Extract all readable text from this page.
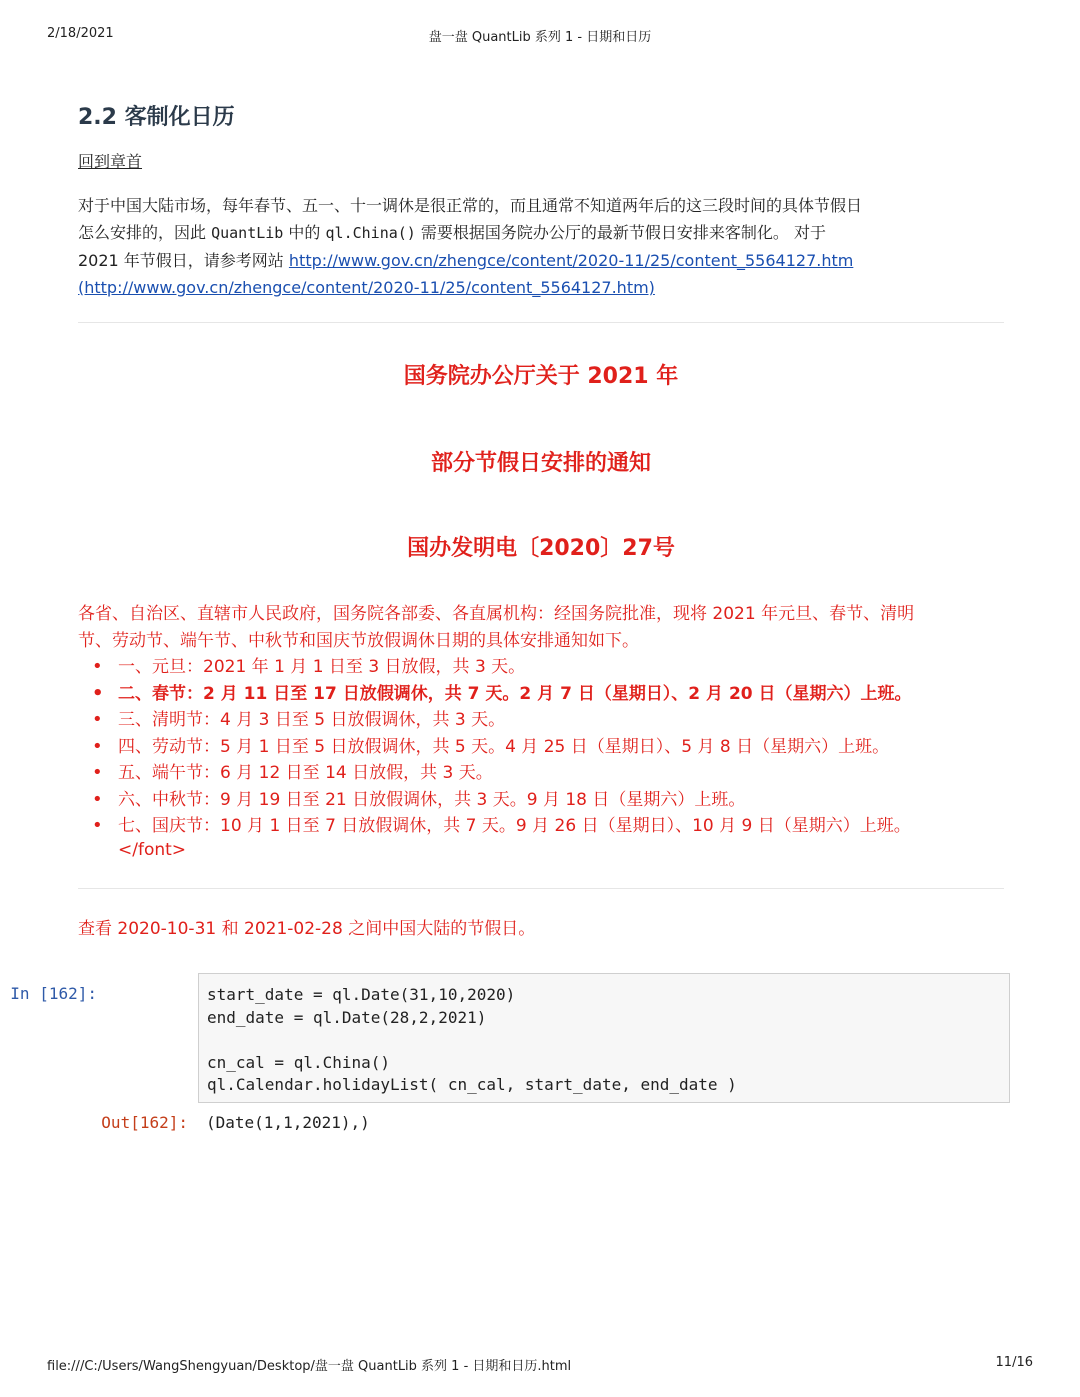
2/18/2021	盘一盘 QuantLib 系列 1 - 日期和日历
2.2 客制化日历
回到章首
对于中国大陆市场，每年春节、五一、十一调休是很正常的，而且通常不知道两年后的这三段时间的具体节假日
怎么安排的，因此 QuantLib 中的 ql.China() 需要根据国务院办公厅的最新节假日安排来客制化。 对于
2021 年节假日，请参考网站 http://www.gov.cn/zhengce/content/2020-11/25/content_5564127.htm
(http://www.gov.cn/zhengce/content/2020-11/25/content_5564127.htm)
国务院办公厅关于 2021 年
部分节假日安排的通知
国办发明电〔2020〕27号
各省、自治区、直辖市人民政府，国务院各部委、各直属机构：经国务院批准，现将 2021 年元旦、春节、清明
节、劳动节、端午节、中秋节和国庆节放假调休日期的具体安排通知如下。
• 一、元旦：2021 年 1 月 1 日至 3 日放假，共 3 天。
• 二、春节：2 月 11 日至 17 日放假调休，共 7 天。2 月 7 日（星期日）、2 月 20 日（星期六）上班。
• 三、清明节：4 月 3 日至 5 日放假调休，共 3 天。
• 四、劳动节：5 月 1 日至 5 日放假调休，共 5 天。4 月 25 日（星期日）、5 月 8 日（星期六）上班。
• 五、端午节：6 月 12 日至 14 日放假，共 3 天。
• 六、中秋节：9 月 19 日至 21 日放假调休，共 3 天。9 月 18 日（星期六）上班。
• 七、国庆节：10 月 1 日至 7 日放假调休，共 7 天。9 月 26 日（星期日）、10 月 9 日（星期六）上班。
</font>
查看 2020-10-31 和 2021-02-28 之间中国大陆的节假日。
In [162]:	start_date = ql.Date(31,10,2020)
end_date = ql.Date(28,2,2021)

cn_cal = ql.China()
ql.Calendar.holidayList( cn_cal, start_date, end_date )
Out[162]: (Date(1,1,2021),)
file:///C:/Users/WangShengyuan/Desktop/盘一盘 QuantLib 系列 1 - 日期和日历.html	11/16
